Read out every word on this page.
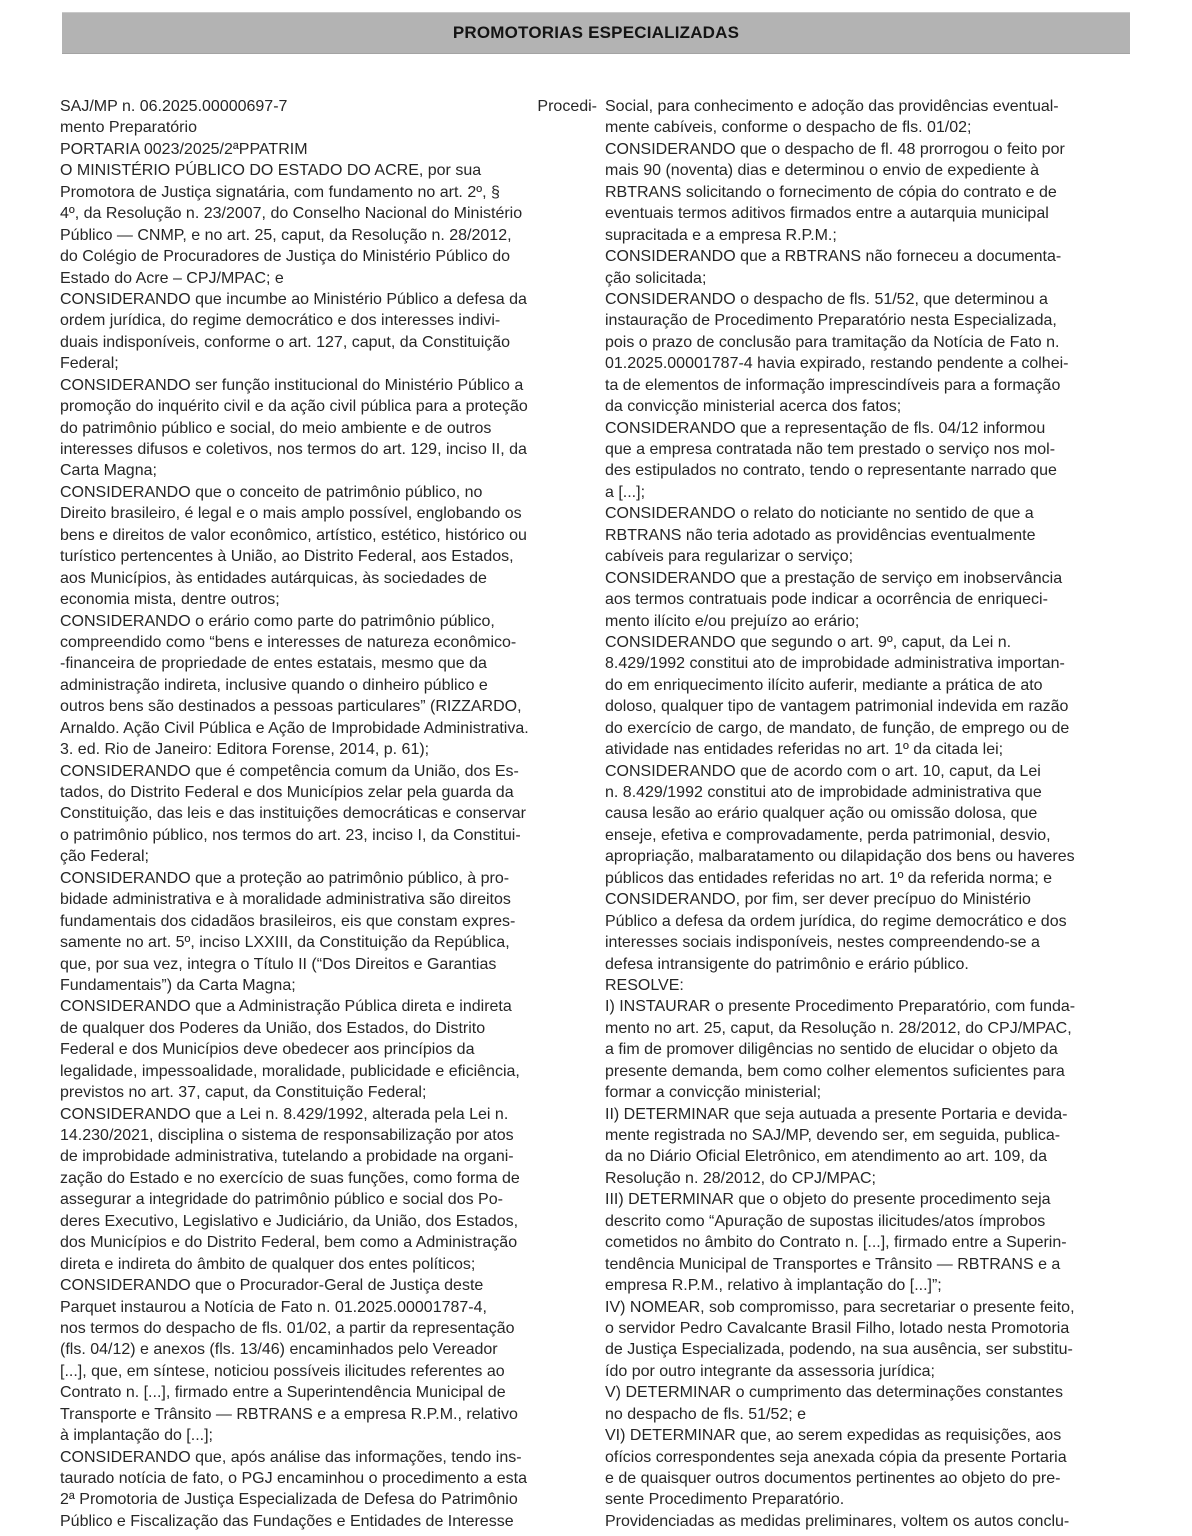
PROMOTORIAS ESPECIALIZADAS
SAJ/MP n. 06.2025.00000697-7	Procedi-
mento Preparatório
PORTARIA 0023/2025/2ªPPATRIM
O MINISTÉRIO PÚBLICO DO ESTADO DO ACRE, por sua
Promotora de Justiça signatária, com fundamento no art. 2º, §
4º, da Resolução n. 23/2007, do Conselho Nacional do Ministério
Público — CNMP, e no art. 25, caput, da Resolução n. 28/2012,
do Colégio de Procuradores de Justiça do Ministério Público do
Estado do Acre – CPJ/MPAC; e
CONSIDERANDO que incumbe ao Ministério Público a defesa da
ordem jurídica, do regime democrático e dos interesses indivi-
duais indisponíveis, conforme o art. 127, caput, da Constituição
Federal;
CONSIDERANDO ser função institucional do Ministério Público a
promoção do inquérito civil e da ação civil pública para a proteção
do patrimônio público e social, do meio ambiente e de outros
interesses difusos e coletivos, nos termos do art. 129, inciso II, da
Carta Magna;
CONSIDERANDO que o conceito de patrimônio público, no
Direito brasileiro, é legal e o mais amplo possível, englobando os
bens e direitos de valor econômico, artístico, estético, histórico ou
turístico pertencentes à União, ao Distrito Federal, aos Estados,
aos Municípios, às entidades autárquicas, às sociedades de
economia mista, dentre outros;
CONSIDERANDO o erário como parte do patrimônio público,
compreendido como “bens e interesses de natureza econômico-
-financeira de propriedade de entes estatais, mesmo que da
administração indireta, inclusive quando o dinheiro público e
outros bens são destinados a pessoas particulares” (RIZZARDO,
Arnaldo. Ação Civil Pública e Ação de Improbidade Administrativa.
3. ed. Rio de Janeiro: Editora Forense, 2014, p. 61);
CONSIDERANDO que é competência comum da União, dos Es-
tados, do Distrito Federal e dos Municípios zelar pela guarda da
Constituição, das leis e das instituições democráticas e conservar
o patrimônio público, nos termos do art. 23, inciso I, da Constitui-
ção Federal;
CONSIDERANDO que a proteção ao patrimônio público, à pro-
bidade administrativa e à moralidade administrativa são direitos
fundamentais dos cidadãos brasileiros, eis que constam expres-
samente no art. 5º, inciso LXXIII, da Constituição da República,
que, por sua vez, integra o Título II (“Dos Direitos e Garantias
Fundamentais”) da Carta Magna;
CONSIDERANDO que a Administração Pública direta e indireta
de qualquer dos Poderes da União, dos Estados, do Distrito
Federal e dos Municípios deve obedecer aos princípios da
legalidade, impessoalidade, moralidade, publicidade e eficiência,
previstos no art. 37, caput, da Constituição Federal;
CONSIDERANDO que a Lei n. 8.429/1992, alterada pela Lei n.
14.230/2021, disciplina o sistema de responsabilização por atos
de improbidade administrativa, tutelando a probidade na organi-
zação do Estado e no exercício de suas funções, como forma de
assegurar a integridade do patrimônio público e social dos Po-
deres Executivo, Legislativo e Judiciário, da União, dos Estados,
dos Municípios e do Distrito Federal, bem como a Administração
direta e indireta do âmbito de qualquer dos entes políticos;
CONSIDERANDO que o Procurador-Geral de Justiça deste
Parquet instaurou a Notícia de Fato n. 01.2025.00001787-4,
nos termos do despacho de fls. 01/02, a partir da representação
(fls. 04/12) e anexos (fls. 13/46) encaminhados pelo Vereador
[...], que, em síntese, noticiou possíveis ilicitudes referentes ao
Contrato n. [...], firmado entre a Superintendência Municipal de
Transporte e Trânsito — RBTRANS e a empresa R.P.M., relativo
à implantação do [...];
CONSIDERANDO que, após análise das informações, tendo ins-
taurado notícia de fato, o PGJ encaminhou o procedimento a esta
2ª Promotoria de Justiça Especializada de Defesa do Patrimônio
Público e Fiscalização das Fundações e Entidades de Interesse
Social, para conhecimento e adoção das providências eventual-
mente cabíveis, conforme o despacho de fls. 01/02;
CONSIDERANDO que o despacho de fl. 48 prorrogou o feito por
mais 90 (noventa) dias e determinou o envio de expediente à
RBTRANS solicitando o fornecimento de cópia do contrato e de
eventuais termos aditivos firmados entre a autarquia municipal
supracitada e a empresa R.P.M.;
CONSIDERANDO que a RBTRANS não forneceu a documenta-
ção solicitada;
CONSIDERANDO o despacho de fls. 51/52, que determinou a
instauração de Procedimento Preparatório nesta Especializada,
pois o prazo de conclusão para tramitação da Notícia de Fato n.
01.2025.00001787-4 havia expirado, restando pendente a colhei-
ta de elementos de informação imprescindíveis para a formação
da convicção ministerial acerca dos fatos;
CONSIDERANDO que a representação de fls. 04/12 informou
que a empresa contratada não tem prestado o serviço nos mol-
des estipulados no contrato, tendo o representante narrado que
a [...];
CONSIDERANDO o relato do noticiante no sentido de que a
RBTRANS não teria adotado as providências eventualmente
cabíveis para regularizar o serviço;
CONSIDERANDO que a prestação de serviço em inobservância
aos termos contratuais pode indicar a ocorrência de enriqueci-
mento ilícito e/ou prejuízo ao erário;
CONSIDERANDO que segundo o art. 9º, caput, da Lei n.
8.429/1992 constitui ato de improbidade administrativa importan-
do em enriquecimento ilícito auferir, mediante a prática de ato
doloso, qualquer tipo de vantagem patrimonial indevida em razão
do exercício de cargo, de mandato, de função, de emprego ou de
atividade nas entidades referidas no art. 1º da citada lei;
CONSIDERANDO que de acordo com o art. 10, caput, da Lei
n. 8.429/1992 constitui ato de improbidade administrativa que
causa lesão ao erário qualquer ação ou omissão dolosa, que
enseje, efetiva e comprovadamente, perda patrimonial, desvio,
apropriação, malbaratamento ou dilapidação dos bens ou haveres
públicos das entidades referidas no art. 1º da referida norma; e
CONSIDERANDO, por fim, ser dever precípuo do Ministério
Público a defesa da ordem jurídica, do regime democrático e dos
interesses sociais indisponíveis, nestes compreendendo-se a
defesa intransigente do patrimônio e erário público.
RESOLVE:
I) INSTAURAR o presente Procedimento Preparatório, com funda-
mento no art. 25, caput, da Resolução n. 28/2012, do CPJ/MPAC,
a fim de promover diligências no sentido de elucidar o objeto da
presente demanda, bem como colher elementos suficientes para
formar a convicção ministerial;
II) DETERMINAR que seja autuada a presente Portaria e devida-
mente registrada no SAJ/MP, devendo ser, em seguida, publica-
da no Diário Oficial Eletrônico, em atendimento ao art. 109, da
Resolução n. 28/2012, do CPJ/MPAC;
III) DETERMINAR que o objeto do presente procedimento seja
descrito como “Apuração de supostas ilicitudes/atos ímprobos
cometidos no âmbito do Contrato n. [...], firmado entre a Superin-
tendência Municipal de Transportes e Trânsito — RBTRANS e a
empresa R.P.M., relativo à implantação do [...]”;
IV) NOMEAR, sob compromisso, para secretariar o presente feito,
o servidor Pedro Cavalcante Brasil Filho, lotado nesta Promotoria
de Justiça Especializada, podendo, na sua ausência, ser substitu-
ído por outro integrante da assessoria jurídica;
V) DETERMINAR o cumprimento das determinações constantes
no despacho de fls. 51/52; e
VI) DETERMINAR que, ao serem expedidas as requisições, aos
ofícios correspondentes seja anexada cópia da presente Portaria
e de quaisquer outros documentos pertinentes ao objeto do pre-
sente Procedimento Preparatório.
Providenciadas as medidas preliminares, voltem os autos conclu-
